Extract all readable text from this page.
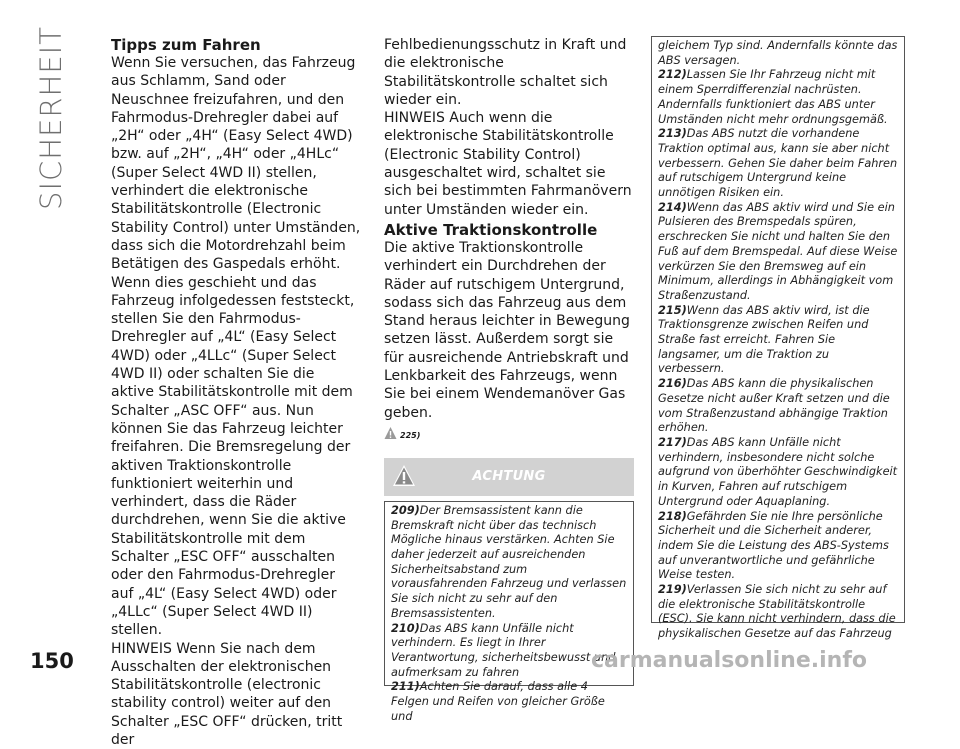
SICHERHEIT	Tipps zum Fahren

Wenn Sie versuchen, das Fahrzeug aus Schlamm, Sand oder Neuschnee freizufahren, und den Fahrmodus-Drehregler dabei auf „2H“ oder „4H“ (Easy Select 4WD) bzw. auf „2H“, „4H“ oder „4HLc“ (Super Select 4WD II) stellen, verhindert die elektronische Stabilitätskontrolle (Electronic Stability Control) unter Umständen, dass sich die Motordrehzahl beim Betätigen des Gaspedals erhöht. Wenn dies geschieht und das Fahrzeug infolgedessen feststeckt, stellen Sie den Fahrmodus-Drehregler auf „4L“ (Easy Select 4WD) oder „4LLc“ (Super Select 4WD II) oder schalten Sie die aktive Stabilitätskontrolle mit dem Schalter „ASC OFF“ aus. Nun können Sie das Fahrzeug leichter freifahren. Die Bremsregelung der aktiven Traktionskontrolle funktioniert weiterhin und verhindert, dass die Räder durchdrehen, wenn Sie die aktive Stabilitätskontrolle mit dem Schalter „ESC OFF“ ausschalten oder den Fahrmodus-Drehregler auf „4L“ (Easy Select 4WD) oder „4LLc“ (Super Select 4WD II) stellen.

HINWEIS Wenn Sie nach dem Ausschalten der elektronischen Stabilitätskontrolle (electronic stability control) weiter auf den Schalter „ESC OFF“ drücken, tritt der

Fehlbedienungsschutz in Kraft und die elektronische Stabilitätskontrolle schaltet sich wieder ein.

HINWEIS Auch wenn die elektronische Stabilitätskontrolle (Electronic Stability Control) ausgeschaltet wird, schaltet sie sich bei bestimmten Fahrmanövern unter Umständen wieder ein.

Aktive Traktionskontrolle

Die aktive Traktionskontrolle verhindert ein Durchdrehen der Räder auf rutschigem Untergrund, sodass sich das Fahrzeug aus dem Stand heraus leichter in Bewegung setzen lässt. Außerdem sorgt sie für ausreichende Antriebskraft und Lenkbarkeit des Fahrzeugs, wenn Sie bei einem Wendemanöver Gas geben.

225)
ACHTUNG

209)Der Bremsassistent kann die Bremskraft nicht über das technisch Mögliche hinaus verstärken. Achten Sie daher jederzeit auf ausreichenden Sicherheitsabstand zum vorausfahrenden Fahrzeug und verlassen Sie sich nicht zu sehr auf den Bremsassistenten.

210)Das ABS kann Unfälle nicht verhindern. Es liegt in Ihrer Verantwortung, sicherheitsbewusst und aufmerksam zu fahren

211)Achten Sie darauf, dass alle 4 Felgen und Reifen von gleicher Größe und

gleichem Typ sind. Andernfalls könnte das ABS versagen.

212)Lassen Sie Ihr Fahrzeug nicht mit einem Sperrdifferenzial nachrüsten. Andernfalls funktioniert das ABS unter Umständen nicht mehr ordnungsgemäß.

213)Das ABS nutzt die vorhandene Traktion optimal aus, kann sie aber nicht verbessern. Gehen Sie daher beim Fahren auf rutschigem Untergrund keine unnötigen Risiken ein.

214)Wenn das ABS aktiv wird und Sie ein Pulsieren des Bremspedals spüren, erschrecken Sie nicht und halten Sie den Fuß auf dem Bremspedal. Auf diese Weise verkürzen Sie den Bremsweg auf ein Minimum, allerdings in Abhängigkeit vom Straßenzustand.

215)Wenn das ABS aktiv wird, ist die Traktionsgrenze zwischen Reifen und Straße fast erreicht. Fahren Sie langsamer, um die Traktion zu verbessern.

216)Das ABS kann die physikalischen Gesetze nicht außer Kraft setzen und die vom Straßenzustand abhängige Traktion erhöhen.

217)Das ABS kann Unfälle nicht verhindern, insbesondere nicht solche aufgrund von überhöhter Geschwindigkeit in Kurven, Fahren auf rutschigem Untergrund oder Aquaplaning.

218)Gefährden Sie nie Ihre persönliche Sicherheit und die Sicherheit anderer, indem Sie die Leistung des ABS-Systems auf unverantwortliche und gefährliche Weise testen.

219)Verlassen Sie sich nicht zu sehr auf die elektronische Stabilitätskontrolle (ESC). Sie kann nicht verhindern, dass die physikalischen Gesetze auf das Fahrzeug

150	carmanualsonline.info
